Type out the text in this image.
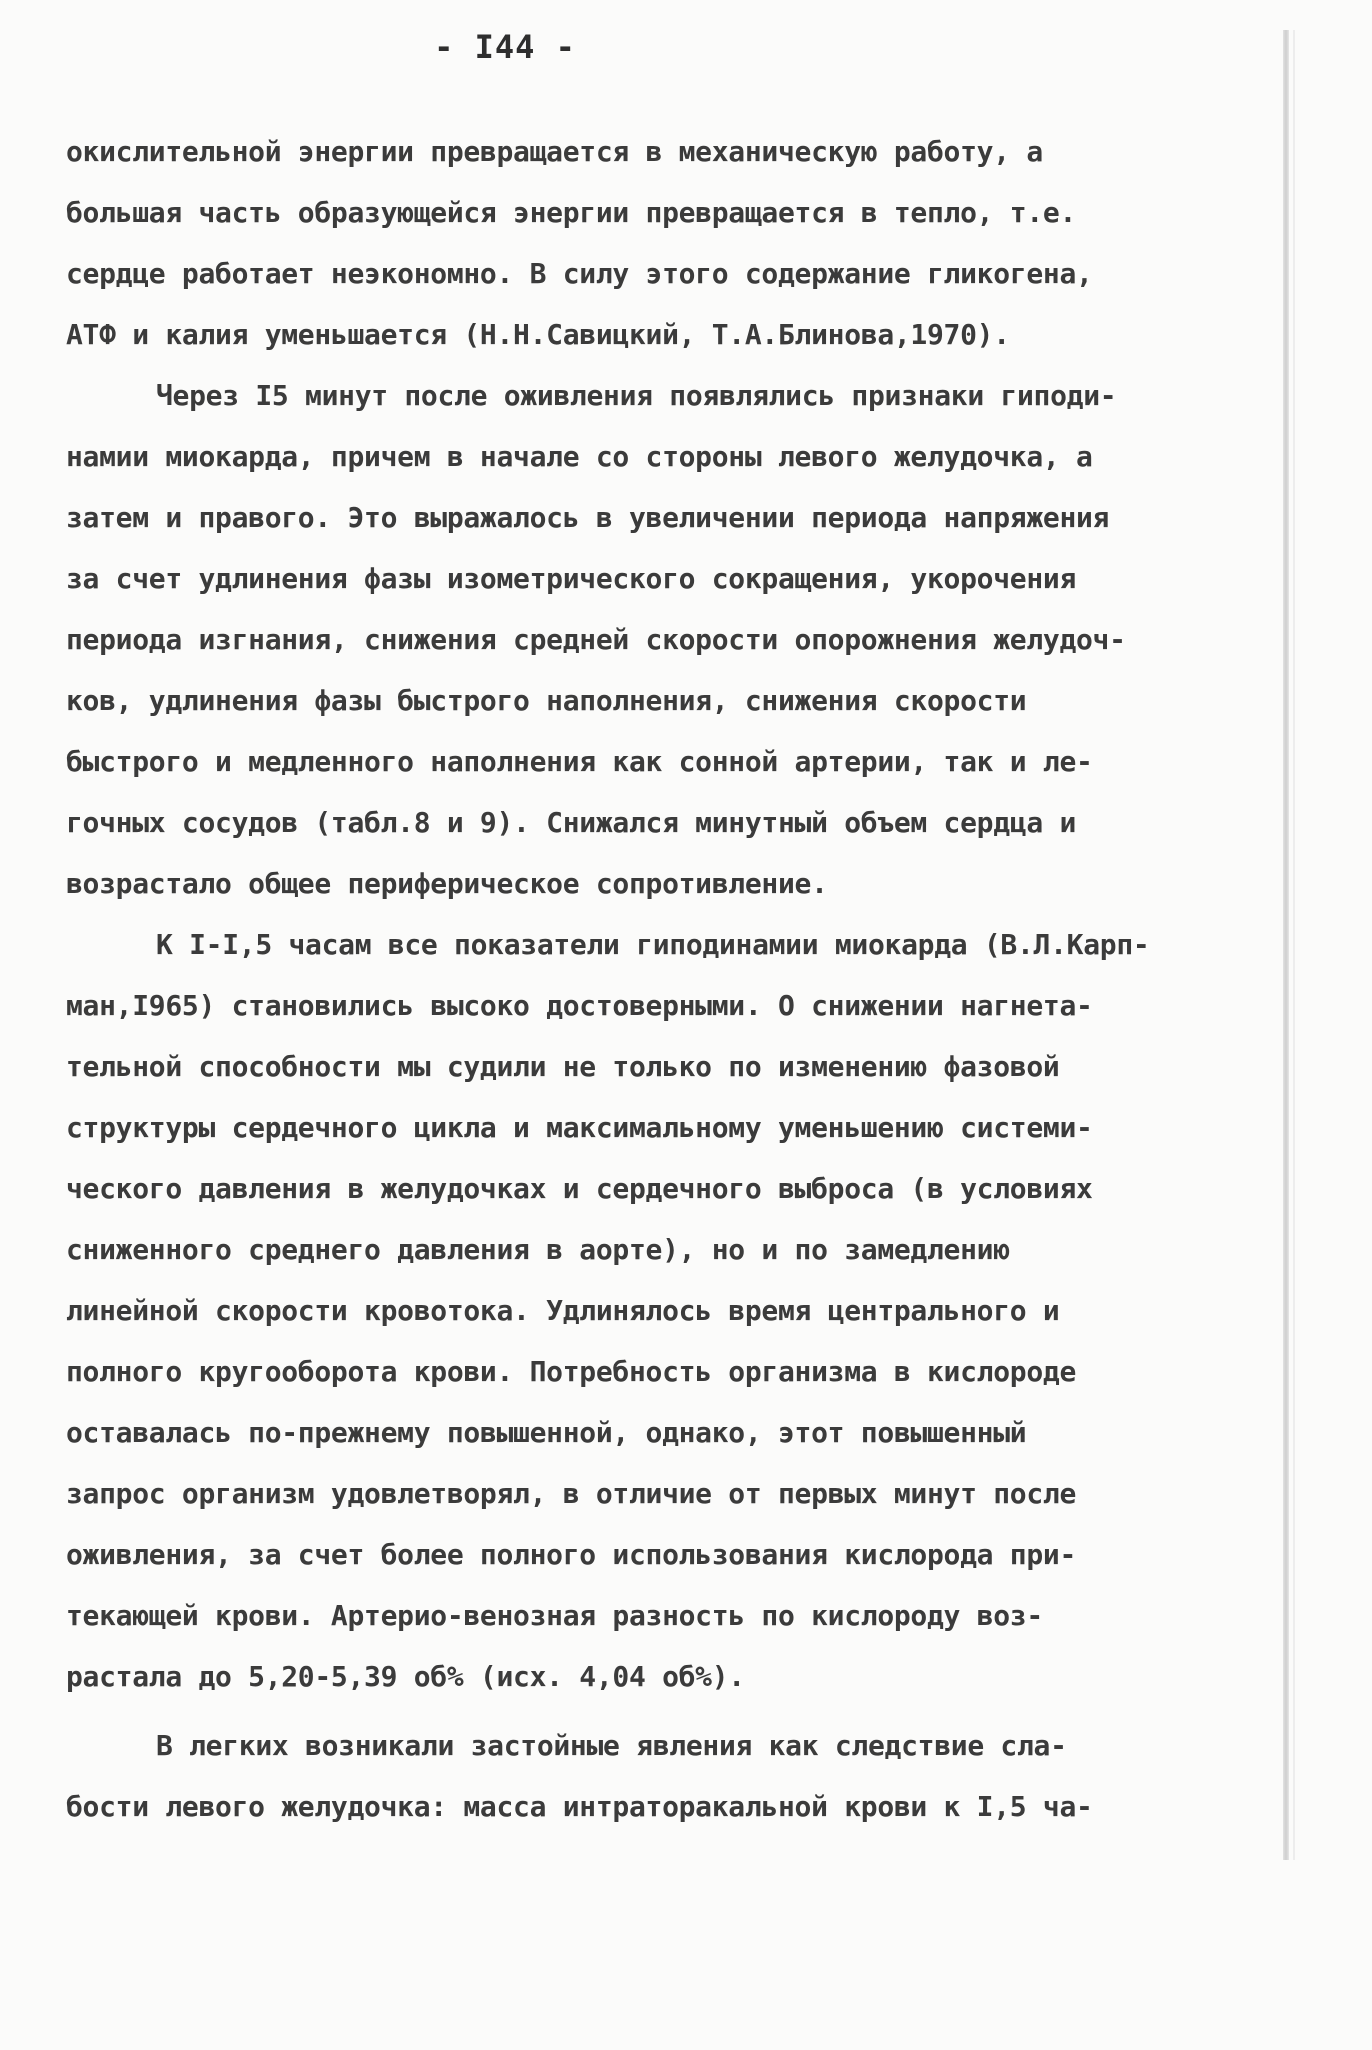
- I44 -
окислительной энергии превращается в механическую работу, а
большая часть образующейся энергии превращается в тепло, т.е.
сердце работает неэкономно. В силу этого содержание гликогена,
АТФ и калия уменьшается (Н.Н.Савицкий, Т.А.Блинова,1970).
Через I5 минут после оживления появлялись признаки гиподи-
намии миокарда, причем в начале со стороны левого желудочка, а
затем и правого. Это выражалось в увеличении периода напряжения
за счет удлинения фазы изометрического сокращения, укорочения
периода изгнания, снижения средней скорости опорожнения желудоч-
ков, удлинения фазы быстрого наполнения, снижения скорости
быстрого и медленного наполнения как сонной артерии, так и ле-
гочных сосудов (табл.8 и 9). Снижался минутный объем сердца и
возрастало общее периферическое сопротивление.
К I-I,5 часам все показатели гиподинамии миокарда (В.Л.Карп-
ман,I965) становились высоко достоверными. О снижении нагнета-
тельной способности мы судили не только по изменению фазовой
структуры сердечного цикла и максимальному уменьшению системи-
ческого давления в желудочках и сердечного выброса (в условиях
сниженного среднего давления в аорте), но и по замедлению
линейной скорости кровотока. Удлинялось время центрального и
полного кругооборота крови. Потребность организма в кислороде
оставалась по-прежнему повышенной, однако, этот повышенный
запрос организм удовлетворял, в отличие от первых минут после
оживления, за счет более полного использования кислорода при-
текающей крови. Артерио-венозная разность по кислороду воз-
растала до 5,20-5,39 об% (исх. 4,04 об%).
В легких возникали застойные явления как следствие сла-
бости левого желудочка: масса интраторакальной крови к I,5 ча-
